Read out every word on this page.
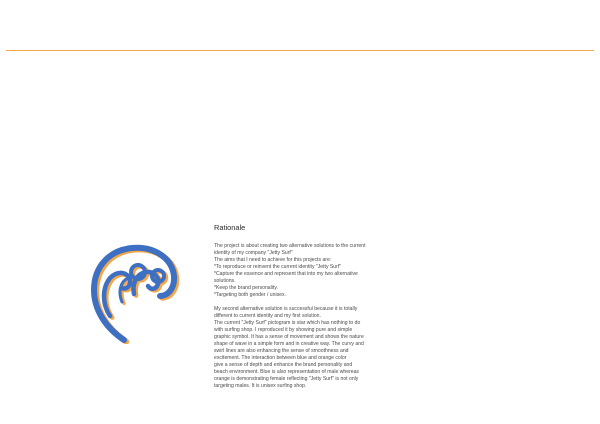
Rationale

The project is about creating two alternative solutions to the current
identity of my company "Jetty Surf"
The aims that I need to achieve for this projects are:
*To reproduce or reinvent the current identity "Jetty Surf"
*Capture the essence and represent that into my two alternative
solutions.
*Keep the brand personality.
*Targeting both gender / unisex.

My second alternative solution is successful because it is totally
different to current identity and my first solution.
The current "Jetty Surf" pictogram is star which has nothing to do
with surfing shop. I reproduced it by showing pure and simple
graphic symbol. It has a sense of movement and shows the nature
shape of wave in a simple form and in creative way. The curvy and
swirl lines are also enhancing the sense of smoothness and
excitement. The interaction between blue and orange color
give a sense of depth and enhance the brand personality and
beach environment. Blue is also representation of male whereas
orange is demonstrating female reflecting "Jetty Surf" is not only
targeting males. It is unisex surfing shop.
